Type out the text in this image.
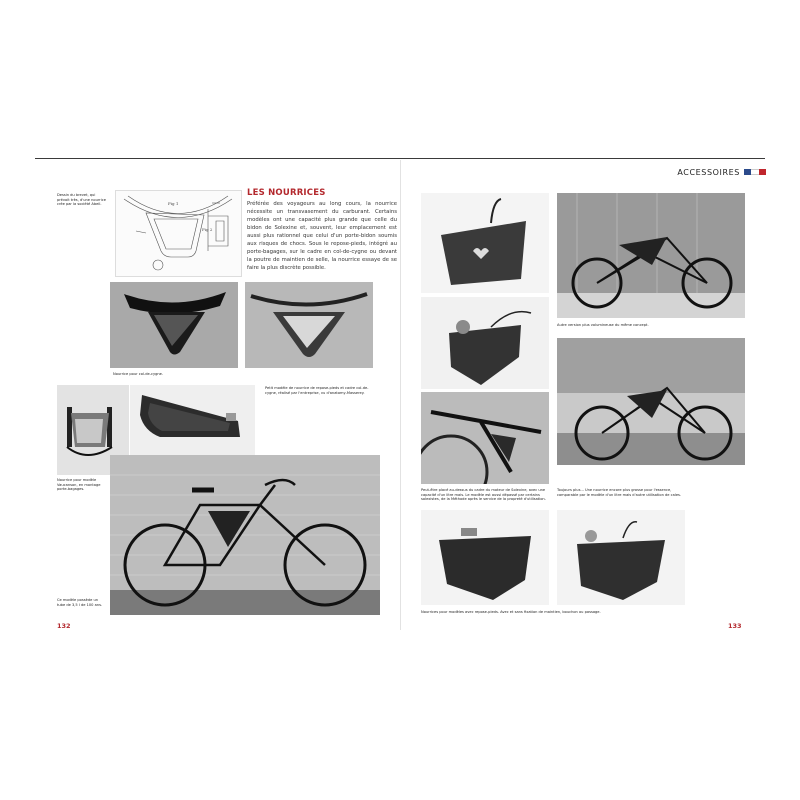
ACCESSOIRES
Dessin du brevet, qui prévoit très, d'une nourrice crée par la société Abeil.	Fig 1
Fig 2
LES NOURRICES
Préférée des voyageurs au long cours, la nourrice nécessite un transvasement du carburant. Certains modèles ont une capacité plus grande que celle du bidon de Solexine et, souvent, leur emplacement est aussi plus rationnel que celui d'un porte-bidon soumis aux risques de chocs. Sous le repose-pieds, intégré au porte-bagages, sur le cadre en col-de-cygne ou devant la poutre de maintien de selle, la nourrice essaye de se faire la plus discrète possible.
Nourrice pour col-de-cygne.
Petit modèle de nourrice de repose-pieds et cadre col-de-cygne, réalisé par l'entreprise, vu d'anatomy-Masserey.
Nourrice pour modèle Vaucanson, en montage porte-bagages.
Ce modèle possède un tube de 3,5 l de 100 ans.
132
Autre version plus volumineuse du même concept.
Peut-être placé au-dessus du cadre du moteur de Solexine, avec une capacité d'un litre mais. Le modèle est aussi dépassé par certains solexistes, de la Méthode après le service de la propreté d'utilisation.
Toujours plus... Une nourrice encore plus grosse pour l'essence, comparable par le modèle d'un litre mais d'autre utilisation de cales.
Nourrices pour modèles avec repose-pieds. Avec et sans fixation de maintien, bouchon ou passage.
133
